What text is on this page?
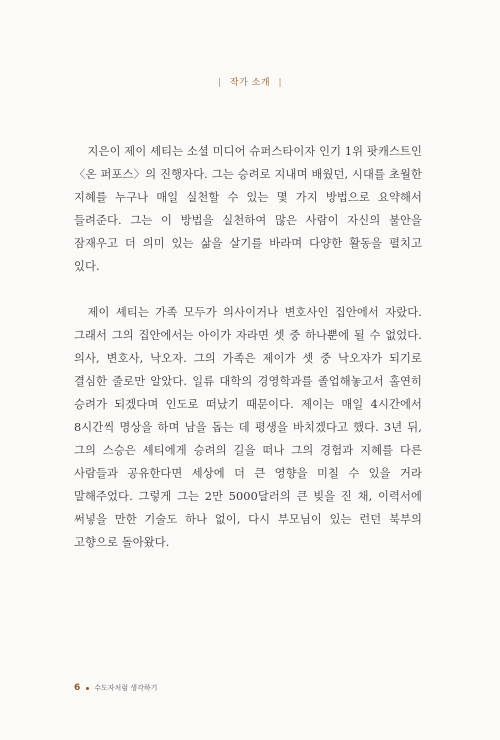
| 작가 소개 |

지은이 제이 셰티는 소셜 미디어 슈퍼스타이자 인기 1위 팟캐스트인 〈온 퍼포스〉의 진행자다. 그는 승려로 지내며 배웠던, 시대를 초월한 지혜를 누구나 매일 실천할 수 있는 몇 가지 방법으로 요약해서 들려준다. 그는 이 방법을 실천하여 많은 사람이 자신의 불안을 잠재우고 더 의미 있는 삶을 살기를 바라며 다양한 활동을 펼치고 있다.

제이 셰티는 가족 모두가 의사이거나 변호사인 집안에서 자랐다. 그래서 그의 집안에서는 아이가 자라면 셋 중 하나뿐에 될 수 없었다. 의사, 변호사, 낙오자. 그의 가족은 제이가 셋 중 낙오자가 되기로 결심한 줄로만 알았다. 일류 대학의 경영학과를 졸업해놓고서 홀연히 승려가 되겠다며 인도로 떠났기 때문이다. 제이는 매일 4시간에서 8시간씩 명상을 하며 남을 돕는 데 평생을 바치겠다고 했다. 3년 뒤, 그의 스승은 셰티에게 승려의 길을 떠나 그의 경험과 지혜를 다른 사람들과 공유한다면 세상에 더 큰 영향을 미칠 수 있을 거라 말해주었다. 그렇게 그는 2만 5000달러의 큰 빚을 진 채, 이력서에 써넣을 만한 기술도 하나 없이, 다시 부모님이 있는 런던 북부의 고향으로 돌아왔다.

6 수도자처럼 생각하기
